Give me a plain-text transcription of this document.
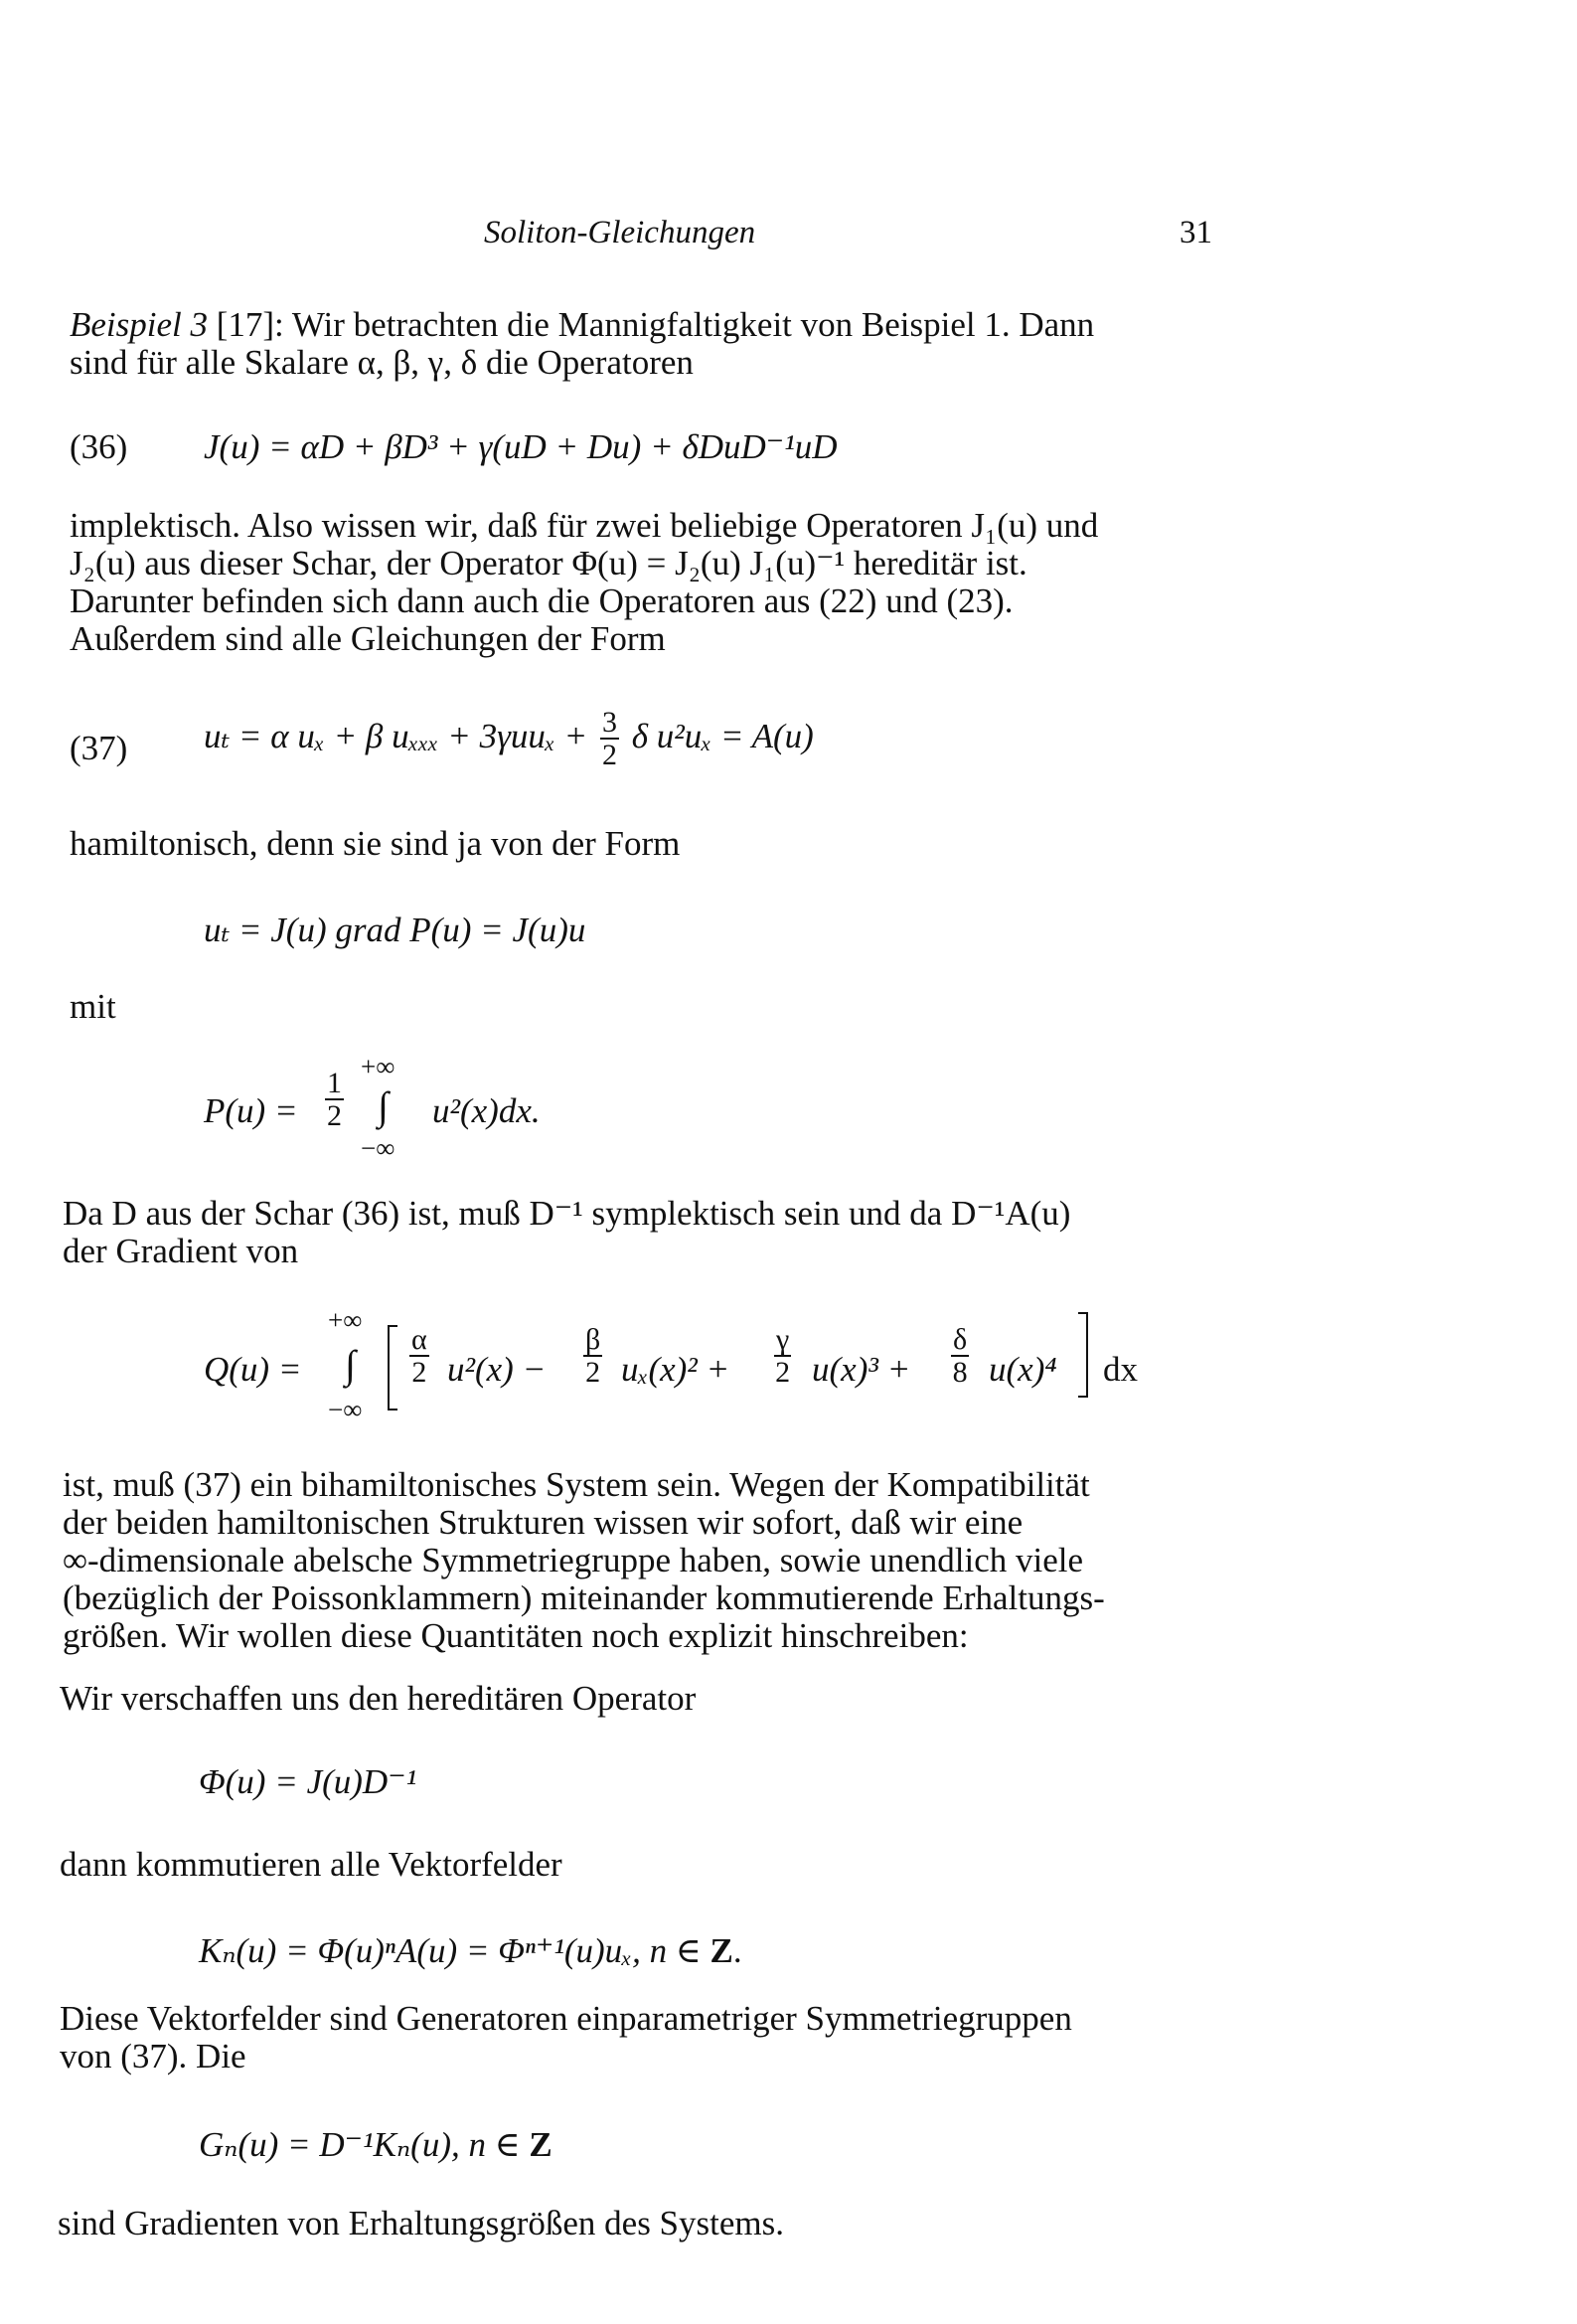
Soliton-Gleichungen	31
Beispiel 3 [17]: Wir betrachten die Mannigfaltigkeit von Beispiel 1. Dann
sind für alle Skalare α, β, γ, δ die Operatoren
(36) J(u) = αD + βD³ + γ(uD + Du) + δDuD⁻¹uD
implektisch. Also wissen wir, daß für zwei beliebige Operatoren J₁(u) und
J₂(u) aus dieser Schar, der Operator Φ(u) = J₂(u) J₁(u)⁻¹ hereditär ist.
Darunter befinden sich dann auch die Operatoren aus (22) und (23).
Außerdem sind alle Gleichungen der Form
(37) uₜ = α uₓ + β $u_{xxx} + 3\gamma uu_x + \frac{3}{2}$ δ u²uₓ = A(u)
hamiltonisch, denn sie sind ja von der Form
uₜ = J(u) grad P(u) = J(u)u
mit
$P(u) = \frac{1}{2}$
+∞
∫
−∞
u²(x)dx.
Da D aus der Schar (36) ist, muß D⁻¹ symplektisch sein und da D⁻¹A(u)
der Gradient von
Q(u) =
+∞
∫
−∞
$\frac{\alpha}{2} u^2(x) - \frac{\beta}{2} u_x(x)^2 + \frac{\gamma}{2} u(x)^3 + \frac{\delta}{8} u(x)^4$ dx
ist, muß (37) ein bihamiltonisches System sein. Wegen der Kompatibilität
der beiden hamiltonischen Strukturen wissen wir sofort, daß wir eine
∞-dimensionale abelsche Symmetriegruppe haben, sowie unendlich viele
(bezüglich der Poissonklammern) miteinander kommutierende Erhaltungs-
größen. Wir wollen diese Quantitäten noch explizit hinschreiben:
Wir verschaffen uns den hereditären Operator
Φ(u) = J(u)D⁻¹
dann kommutieren alle Vektorfelder
Kₙ(u) = Φ(u)ⁿA(u) = Φⁿ⁺¹(u)uₓ, n ∈ Z.
Diese Vektorfelder sind Generatoren einparametriger Symmetriegruppen
von (37). Die
Gₙ(u) = D⁻¹Kₙ(u), n ∈ Z
sind Gradienten von Erhaltungsgrößen des Systems.
